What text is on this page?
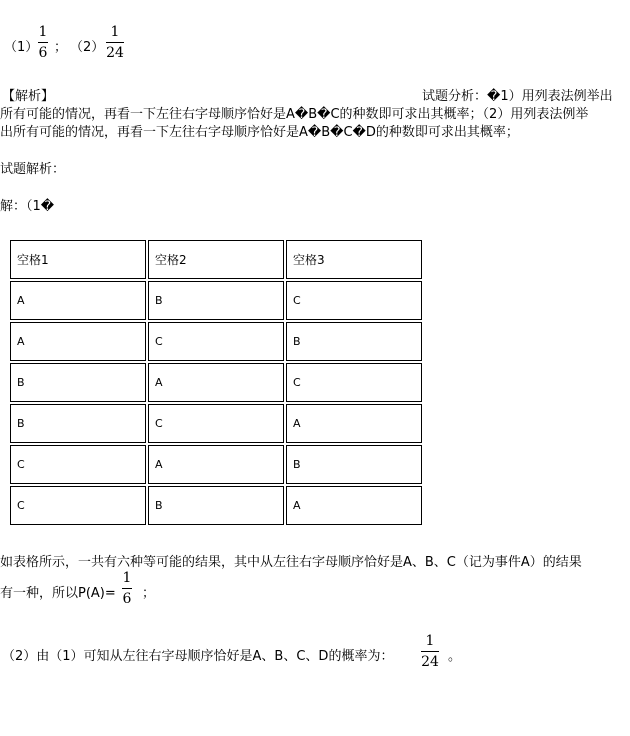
（1）
1
6 ； （2）
1
24
【解析】	试题分析：�1）用列表法例举出
所有可能的情况，再看一下左往右字母顺序恰好是A�B�C的种数即可求出其概率；（2）用列表法例举
出所有可能的情况，再看一下左往右字母顺序恰好是A�B�C�D的种数即可求出其概率；
试题解析：
解：（1�
空格1	空格2	空格3
A	B	C
A	C	B
B	A	C
B	C	A
C	A	B
C	B	A
如表格所示，一共有六种等可能的结果，其中从左往右字母顺序恰好是A、B、C（记为事件A）的结果
有一种，所以P(A)=
1
6 ；
（2）由（1）可知从左往右字母顺序恰好是A、B、C、D的概率为：
1
24 。
